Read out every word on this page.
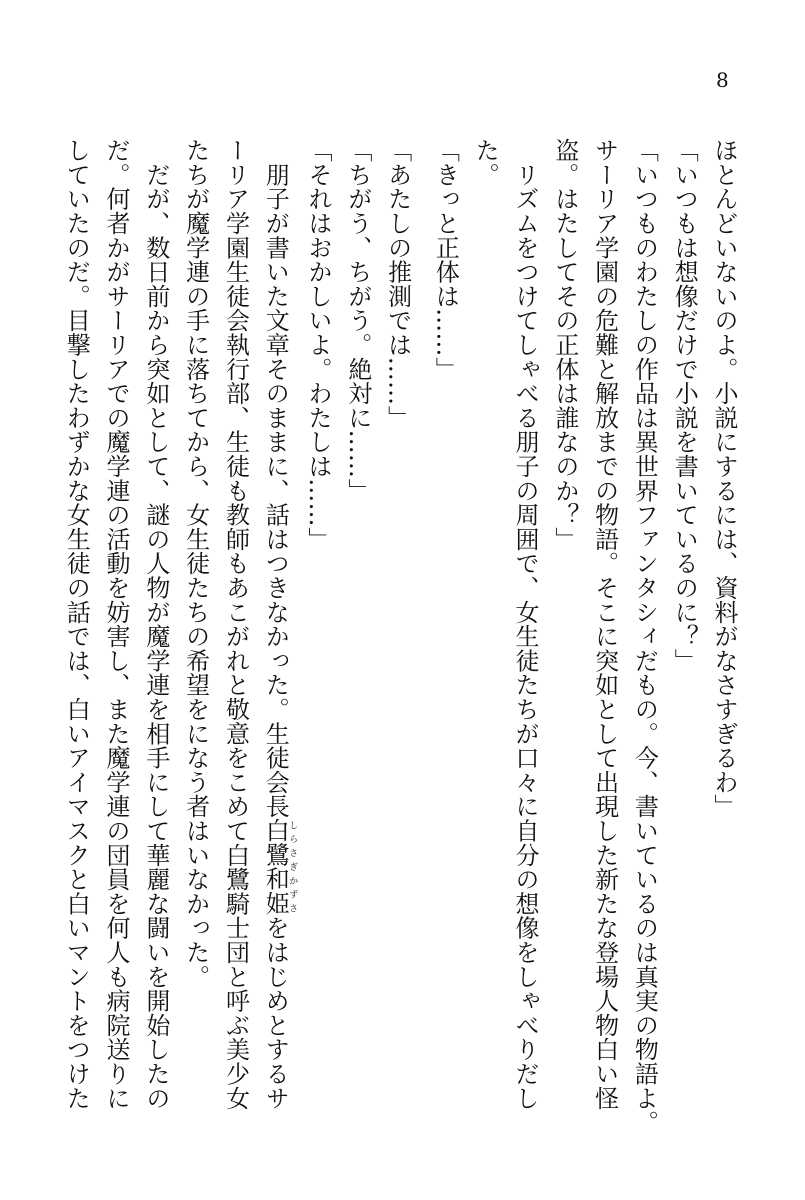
8
ほとんどいないのよ。小説にするには、資料がなさすぎるわ」
「いつもは想像だけで小説を書いているのに？」
「いつものわたしの作品は異世界ファンタシィだもの。今、書いているのは真実の物語よ。
サーリア学園の危難と解放までの物語。そこに突如として出現した新たな登場人物白い怪
盗。はたしてその正体は誰なのか？」
　リズムをつけてしゃべる朋子の周囲で、女生徒たちが口々に自分の想像をしゃべりだし
た。
「きっと正体は……」
「あたしの推測では……」
「ちがう、ちがう。絶対に……」
「それはおかしいよ。わたしは……」
　朋子が書いた文章そのままに、話はつきなかった。生徒会長白鷺和姫しらさぎかずさをはじめとするサ
ーリア学園生徒会執行部、生徒も教師もあこがれと敬意をこめて白鷺騎士団と呼ぶ美少女
たちが魔学連の手に落ちてから、女生徒たちの希望をになう者はいなかった。
　だが、数日前から突如として、謎の人物が魔学連を相手にして華麗な闘いを開始したの
だ。何者かがサーリアでの魔学連の活動を妨害し、また魔学連の団員を何人も病院送りに
していたのだ。目撃したわずかな女生徒の話では、白いアイマスクと白いマントをつけた
